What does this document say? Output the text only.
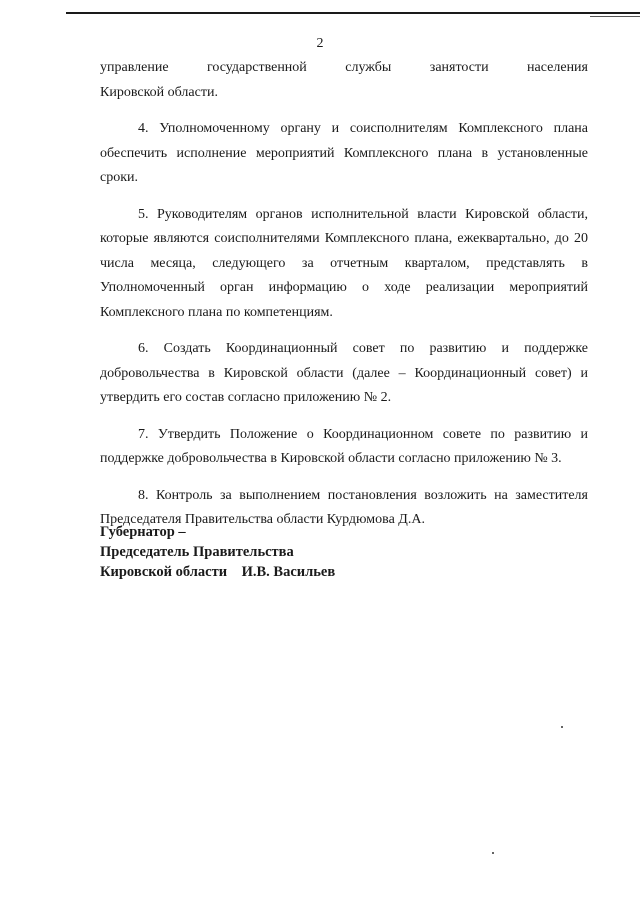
2

управление государственной службы занятости населения

Кировской области.

4. Уполномоченному органу и соисполнителям Комплексного плана обеспечить исполнение мероприятий Комплексного плана в установленные сроки.

5. Руководителям органов исполнительной власти Кировской области, которые являются соисполнителями Комплексного плана, ежеквартально, до 20 числа месяца, следующего за отчетным кварталом, представлять в Уполномоченный орган информацию о ходе реализации мероприятий Комплексного плана по компетенциям.

6. Создать Координационный совет по развитию и поддержке добровольчества в Кировской области (далее – Координационный совет) и утвердить его состав согласно приложению № 2.

7. Утвердить Положение о Координационном совете по развитию и поддержке добровольчества в Кировской области согласно приложению № 3.

8. Контроль за выполнением постановления возложить на заместителя Председателя Правительства области Курдюмова Д.А.

Губернатор –
Председатель Правительства
Кировской области    И.В. Васильев
